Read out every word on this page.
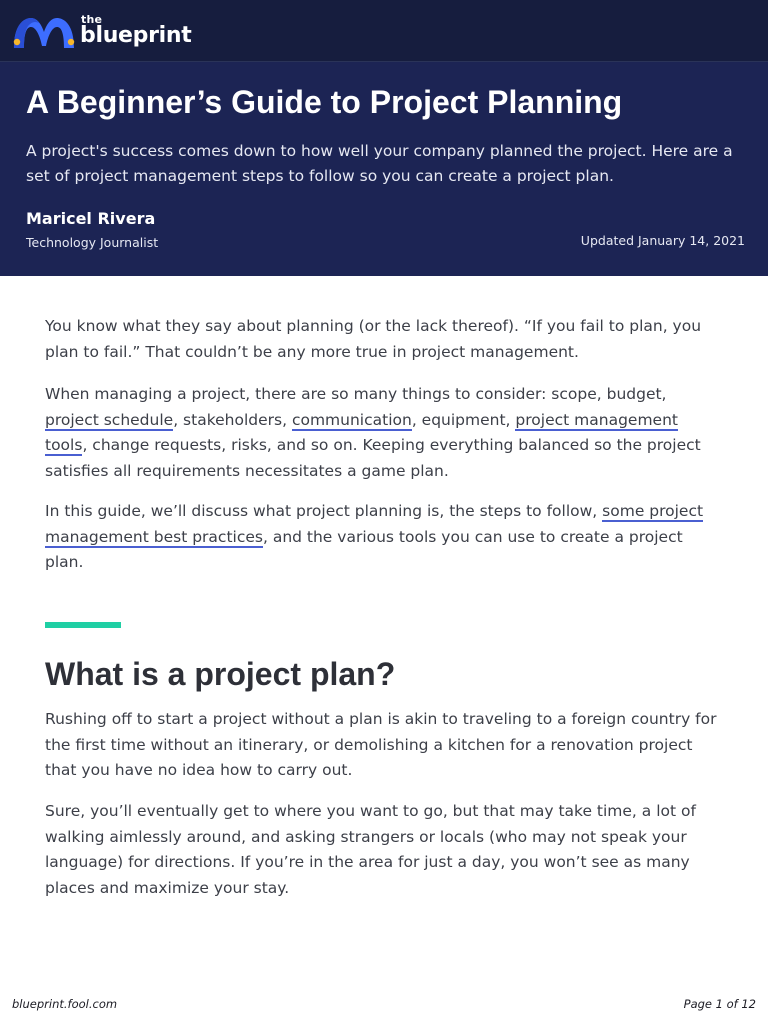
the
blueprint
A Beginner’s Guide to Project Planning

A project's success comes down to how well your company planned the project. Here are a set of project management steps to follow so you can create a project plan.

Maricel Rivera
Technology Journalist	Updated January 14, 2021

You know what they say about planning (or the lack thereof). “If you fail to plan, you plan to fail.” That couldn’t be any more true in project management.

When managing a project, there are so many things to consider: scope, budget, project schedule, stakeholders, communication, equipment, project management tools, change requests, risks, and so on. Keeping everything balanced so the project satisfies all requirements necessitates a game plan.

In this guide, we’ll discuss what project planning is, the steps to follow, some project management best practices, and the various tools you can use to create a project plan.

Rushing off to start a project without a plan is akin to traveling to a foreign country for the first time without an itinerary, or demolishing a kitchen for a renovation project that you have no idea how to carry out.

Sure, you’ll eventually get to where you want to go, but that may take time, a lot of walking aimlessly around, and asking strangers or locals (who may not speak your language) for directions. If you’re in the area for just a day, you won’t see as many places and maximize your stay.

What is a project plan?
blueprint.fool.com	Page 1 of 12
